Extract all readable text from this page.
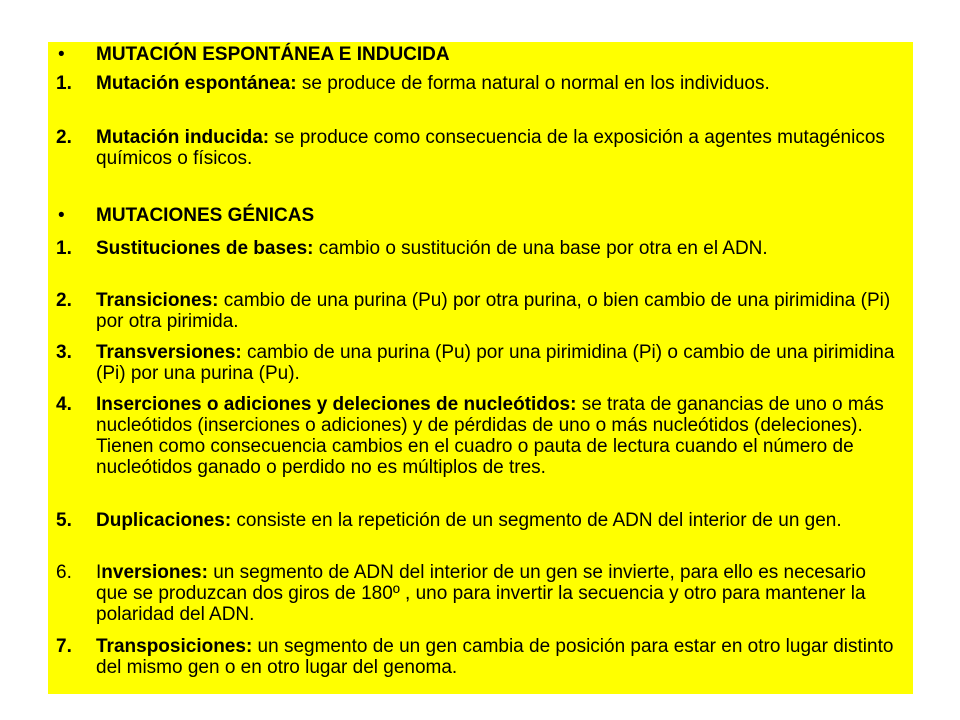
•	MUTACIÓN ESPONTÁNEA E INDUCIDA
1.	Mutación espontánea: se produce de forma natural o normal en los individuos.

2.	Mutación inducida: se produce como consecuencia de la exposición a agentes mutagénicos químicos o físicos.

•	MUTACIONES GÉNICAS
1.	Sustituciones de bases: cambio o sustitución de una base por otra en el ADN.

2.	Transiciones: cambio de una purina (Pu) por otra purina, o bien cambio de una pirimidina (Pi) por otra pirimida.

3.	Transversiones: cambio de una purina (Pu) por una pirimidina (Pi) o cambio de una pirimidina (Pi) por una purina (Pu).

4.	Inserciones o adiciones y deleciones de nucleótidos: se trata de ganancias de uno o más nucleótidos (inserciones o adiciones) y de pérdidas de uno o más nucleótidos (deleciones). Tienen como consecuencia cambios en el cuadro o pauta de lectura cuando el número de nucleótidos ganado o perdido no es múltiplos de tres.

5.	Duplicaciones: consiste en la repetición de un segmento de ADN del interior de un gen.

6.	Inversiones: un segmento de ADN del interior de un gen se invierte, para ello es necesario que se produzcan dos giros de 180º , uno para invertir la secuencia y otro para mantener la polaridad del ADN.

7.	Transposiciones: un segmento de un gen cambia de posición para estar en otro lugar distinto del mismo gen o en otro lugar del genoma.
